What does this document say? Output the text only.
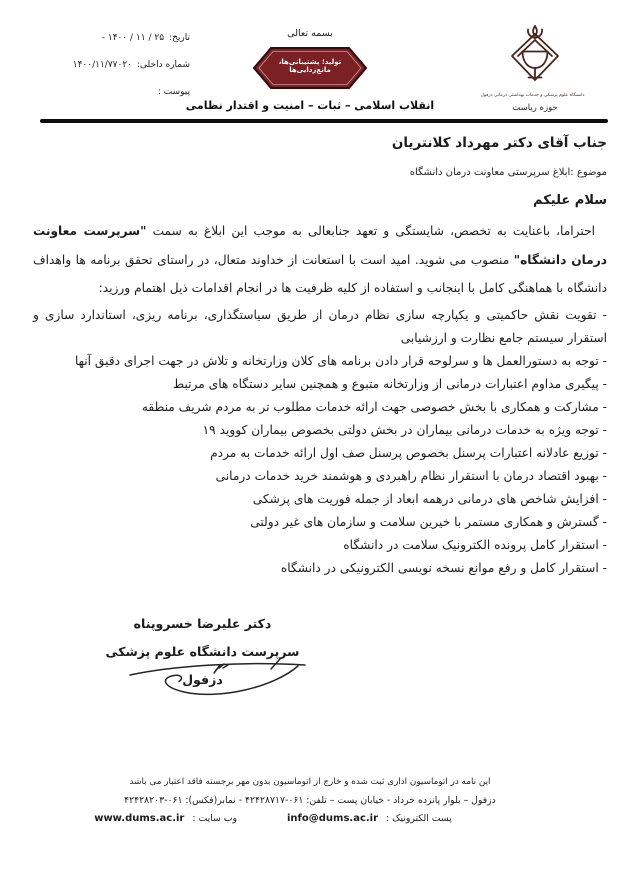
تاریخ:
- ۱۴۰۰ / ۱۱ / ۲۵
شماره داخلی:
۱۴۰۰/۱۱/۷۷۰۲۰
پیوست :
بسمه تعالی
تولید؛ پشتیبانی‌ها، مانع‌زدایی‌ها
انقلاب اسلامی – ثبات – امنیت و اقتدار نظامی
دانشگاه علوم پزشکی و خدمات بهداشتی درمانی دزفول
حوزه ریاست
جناب آقای دکتر مهرداد کلانتریان
موضوع :ابلاغ سرپرستی معاونت درمان دانشگاه
سلام علیکم
احتراما، باعنایت به تخصص، شایستگی و تعهد جنابعالی به موجب این ابلاغ به سمت "سرپرست معاونت درمان دانشگاه" منصوب می شوید. امید است با استعانت از خداوند متعال، در راستای تحقق برنامه ها واهداف دانشگاه با هماهنگی کامل با اینجانب و استفاده از کلیه ظرفیت ها در انجام اقدامات ذیل اهتمام ورزید:
- تقویت نقش حاکمیتی و یکپارچه سازی نظام درمان از طریق سیاستگذاری، برنامه ریزی، استاندارد سازی و استقرار سیستم جامع نظارت و ارزشیابی
- توجه به دستورالعمل ها و سرلوحه قرار دادن برنامه های کلان وزارتخانه و تلاش در جهت اجرای دقیق آنها
- پیگیری مداوم اعتبارات درمانی از وزارتخانه متبوع و همچنین سایر دستگاه های مرتبط
- مشارکت و همکاری با بخش خصوصی جهت ارائه خدمات مطلوب تر به مردم شریف منطقه
- توجه ویژه به خدمات درمانی بیماران در بخش دولتی بخصوص بیماران کووید ۱۹
- توزیع عادلانه اعتبارات پرسنل بخصوص پرسنل صف اول ارائه خدمات به مردم
- بهبود اقتصاد درمان با استقرار نظام راهبردی و هوشمند خرید خدمات درمانی
- افزایش شاخص های درمانی درهمه ابعاد از جمله فوریت های پزشکی
- گسترش و همکاری مستمر با خیرین سلامت و سازمان های غیر دولتی
- استقرار کامل پرونده الکترونیک سلامت در دانشگاه
- استقرار کامل و رفع موانع نسخه نویسی الکترونیکی در دانشگاه
دکتر علیرضا خسروپناه
سرپرست دانشگاه علوم پزشکی دزفول
این نامه در اتوماسیون اداری ثبت شده و خارج از اتوماسیون بدون مهر برجسته فاقد اعتبار می باشد
دزفول – بلوار پانزده خرداد - خیابان پست – تلفن: ۰۶۱-۴۲۴۲۸۷۱۷ - نمابر(فکس): ۰۶۱-۴۲۴۲۸۲۰۳
پست الکترونیک :
info@dums.ac.ir
وب سایت :
www.dums.ac.ir
